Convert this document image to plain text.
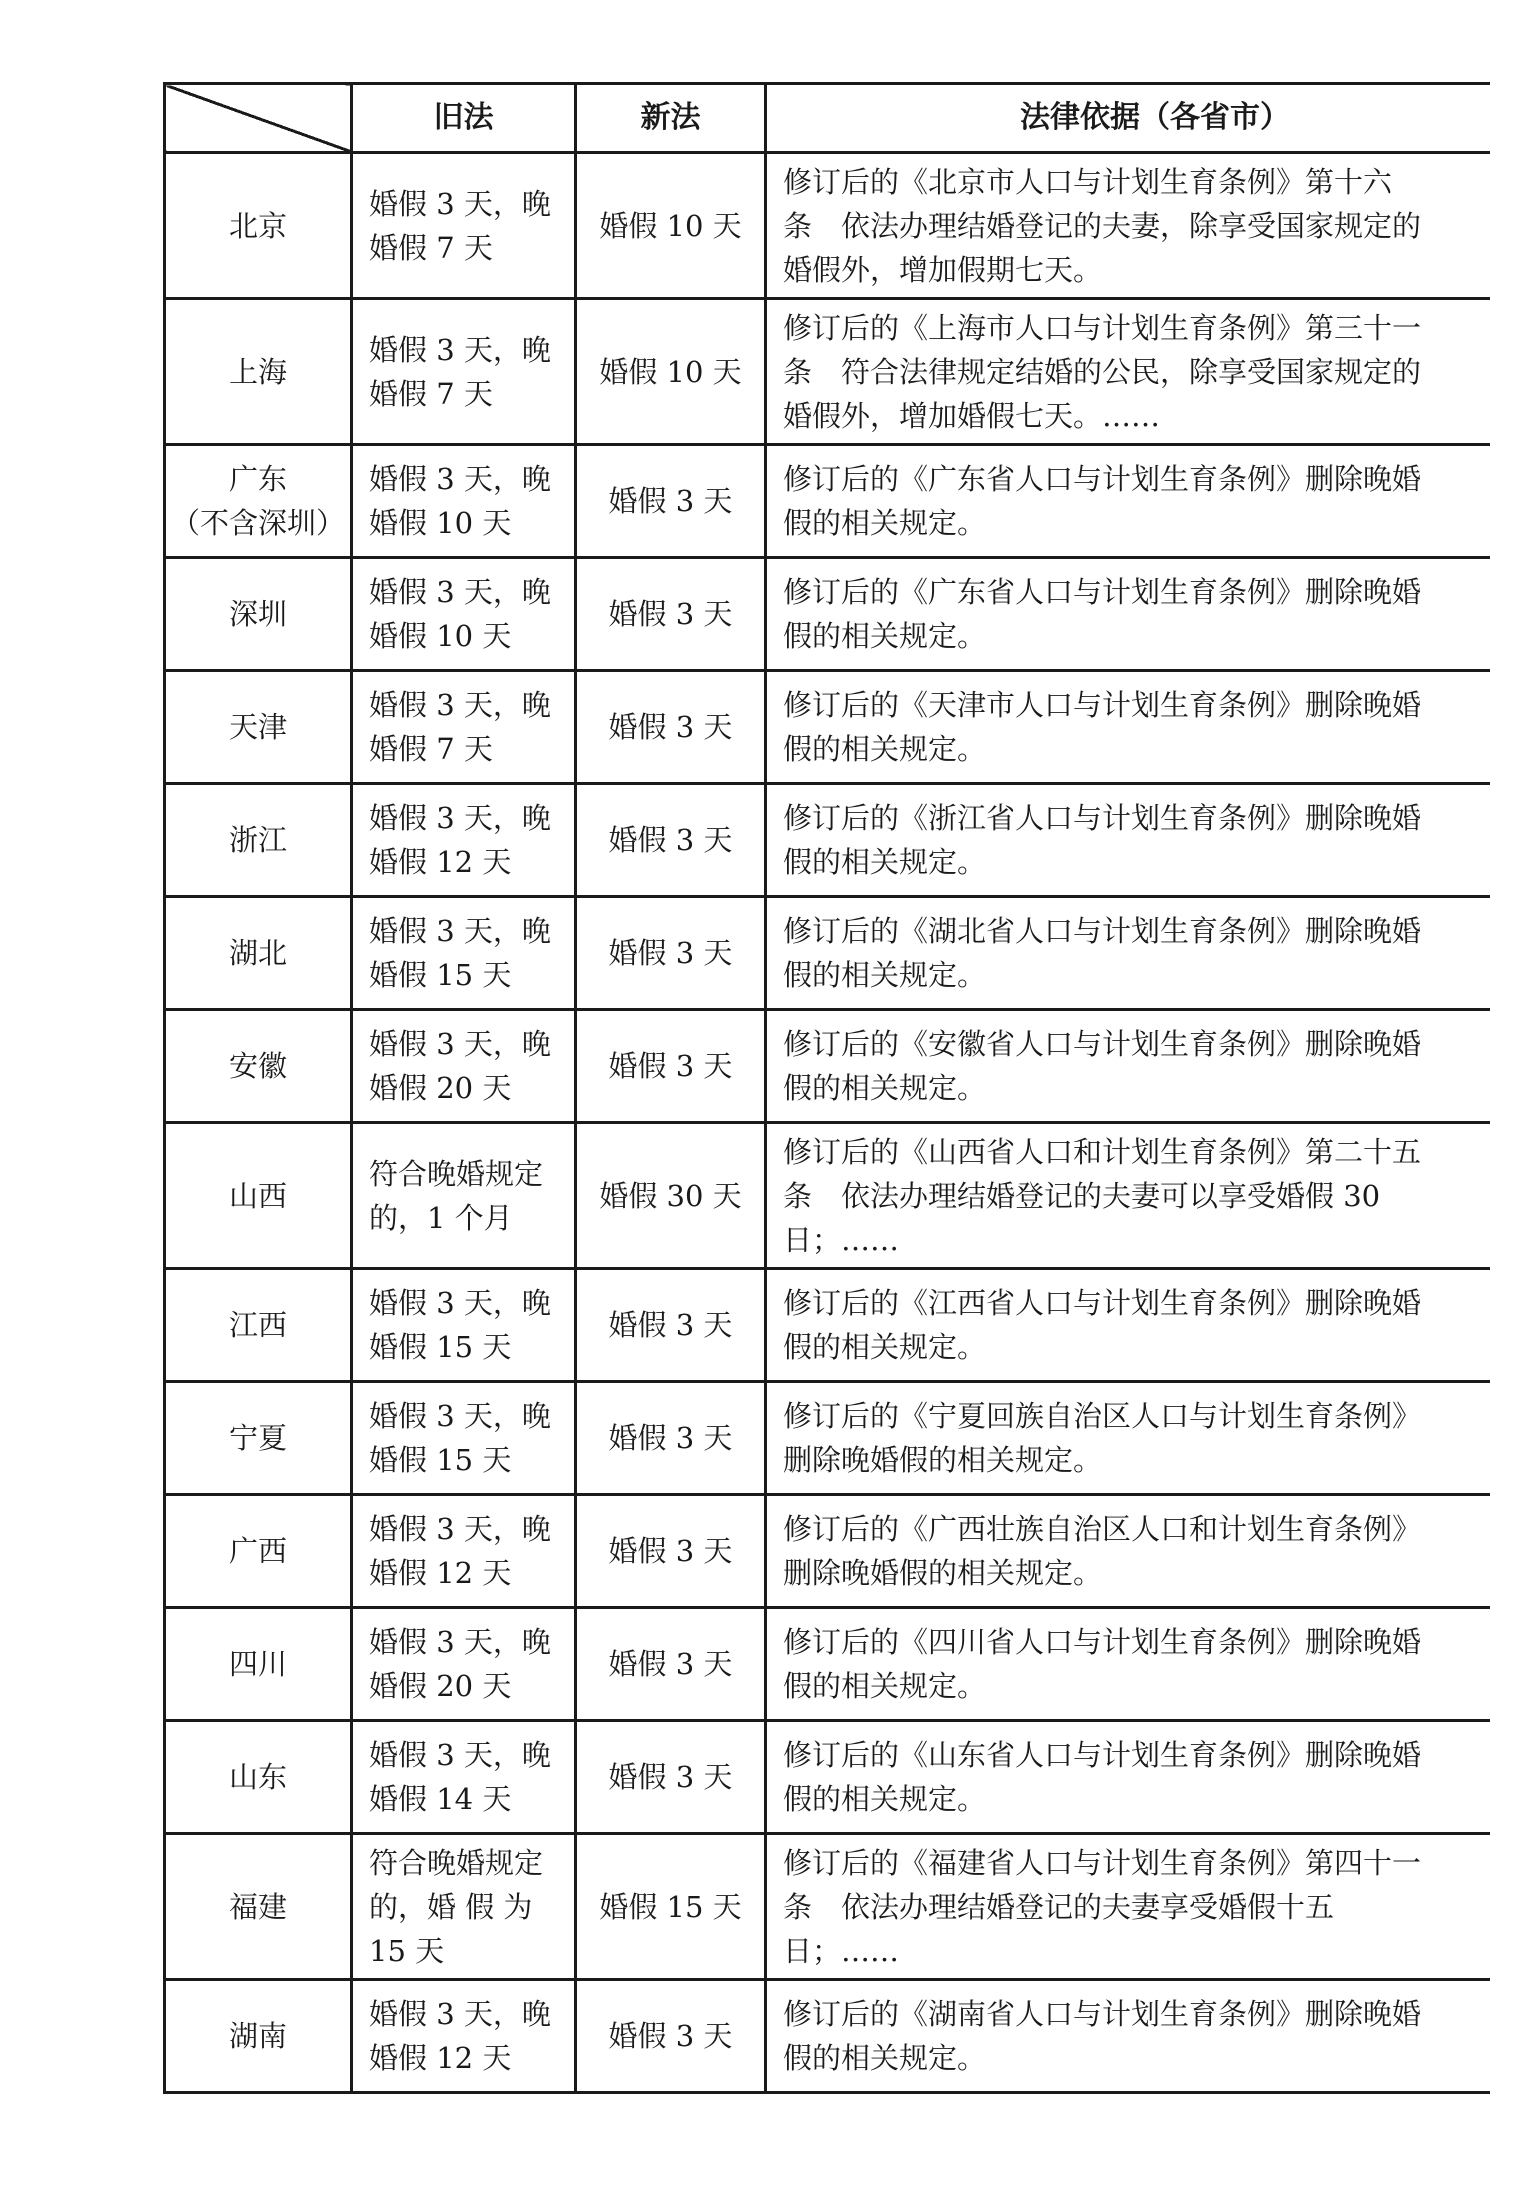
	旧法	新法	法律依据（各省市）

北京	婚假 3 天，晚
婚假 7 天	婚假 10 天	修订后的《北京市人口与计划生育条例》第十六
条　依法办理结婚登记的夫妻，除享受国家规定的
婚假外，增加假期七天。

上海	婚假 3 天，晚
婚假 7 天	婚假 10 天	修订后的《上海市人口与计划生育条例》第三十一
条　符合法律规定结婚的公民，除享受国家规定的
婚假外，增加婚假七天。……

广东
（不含深圳）	婚假 3 天，晚
婚假 10 天	婚假 3 天	修订后的《广东省人口与计划生育条例》删除晚婚
假的相关规定。

深圳	婚假 3 天，晚
婚假 10 天	婚假 3 天	修订后的《广东省人口与计划生育条例》删除晚婚
假的相关规定。

天津	婚假 3 天，晚
婚假 7 天	婚假 3 天	修订后的《天津市人口与计划生育条例》删除晚婚
假的相关规定。

浙江	婚假 3 天，晚
婚假 12 天	婚假 3 天	修订后的《浙江省人口与计划生育条例》删除晚婚
假的相关规定。

湖北	婚假 3 天，晚
婚假 15 天	婚假 3 天	修订后的《湖北省人口与计划生育条例》删除晚婚
假的相关规定。

安徽	婚假 3 天，晚
婚假 20 天	婚假 3 天	修订后的《安徽省人口与计划生育条例》删除晚婚
假的相关规定。

山西	符合晚婚规定
的，1 个月	婚假 30 天	修订后的《山西省人口和计划生育条例》第二十五
条　依法办理结婚登记的夫妻可以享受婚假 30
日；……

江西	婚假 3 天，晚
婚假 15 天	婚假 3 天	修订后的《江西省人口与计划生育条例》删除晚婚
假的相关规定。

宁夏	婚假 3 天，晚
婚假 15 天	婚假 3 天	修订后的《宁夏回族自治区人口与计划生育条例》
删除晚婚假的相关规定。

广西	婚假 3 天，晚
婚假 12 天	婚假 3 天	修订后的《广西壮族自治区人口和计划生育条例》
删除晚婚假的相关规定。

四川	婚假 3 天，晚
婚假 20 天	婚假 3 天	修订后的《四川省人口与计划生育条例》删除晚婚
假的相关规定。

山东	婚假 3 天，晚
婚假 14 天	婚假 3 天	修订后的《山东省人口与计划生育条例》删除晚婚
假的相关规定。

福建	符合晚婚规定
的，婚 假 为
15 天	婚假 15 天	修订后的《福建省人口与计划生育条例》第四十一
条　依法办理结婚登记的夫妻享受婚假十五
日；……

湖南	婚假 3 天，晚
婚假 12 天	婚假 3 天	修订后的《湖南省人口与计划生育条例》删除晚婚
假的相关规定。
